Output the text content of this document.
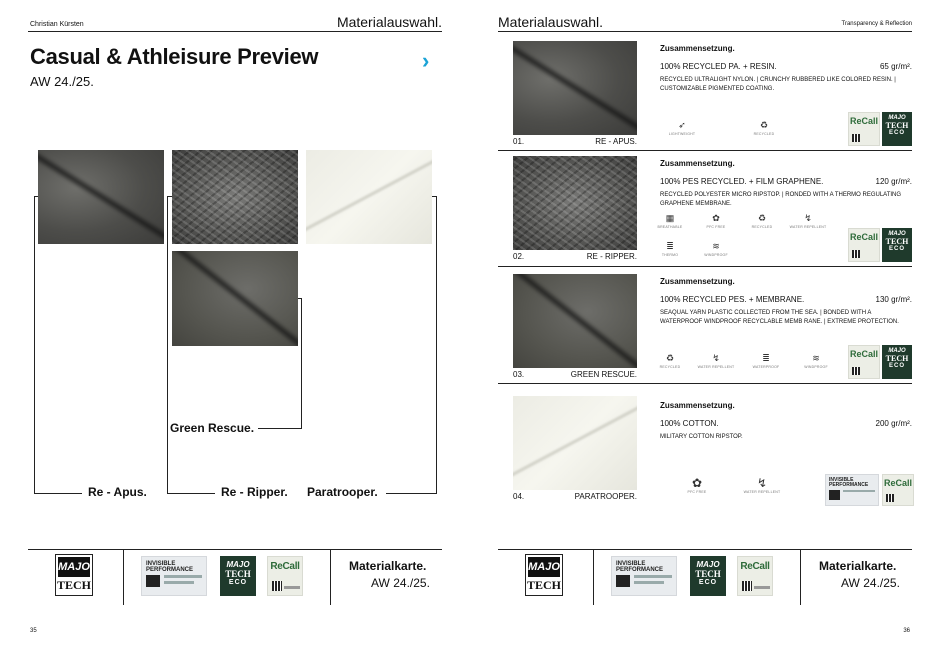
Christian Kürsten	Materialauswahl.
Casual & Athleisure Preview
AW 24./25.
›
Re - Apus.	Re - Ripper. Paratrooper.
Green Rescue.
MAJO
TECH
INVISIBLE PERFORMANCE
MAJO
TECH
ECO
ReCall	Materialkarte.
AW 24./25.
35
Materialauswahl.	Transparency & Reflection
01.	RE - APUS.
Zusammensetzung.
100% RECYCLED PA. + RESIN.	65 gr/m².
RECYCLED ULTRALIGHT NYLON. | CRUNCHY RUBBERED LIKE COLORED RESIN. | CUSTOMIZABLE PIGMENTED COATING.
➶
LIGHTWEIGHT
♻
RECYCLED
ReCall	MAJO
TECH
ECO
02.	RE - RIPPER.
Zusammensetzung.
100% PES RECYCLED. + FILM GRAPHENE.	120 gr/m².
RECYCLED POLYESTER MICRO RIPSTOP. | RONDED WITH A THERMO REGULATING GRAPHENE MEMBRANE.
▦
BREATHABLE
✿
PFC FREE
♻
RECYCLED
↯
WATER REPELLENT
≣
THERMO
≋
WINDPROOF
ReCall	MAJO
TECH
ECO
03.	GREEN RESCUE.
Zusammensetzung.
100% RECYCLED PES. + MEMBRANE.	130 gr/m².
SEAQUAL YARN PLASTIC COLLECTED FROM THE SEA. | BONDED WITH A WATERPROOF WINDPROOF RECYCLABLE MEMB RANE. | EXTREME PROTECTION.
♻
RECYCLED
↯
WATER REPELLENT
≣
WATERPROOF
≋
WINDPROOF
ReCall	MAJO
TECH
ECO
04.	PARATROOPER.
Zusammensetzung.
100% COTTON.	200 gr/m².
MILITARY COTTON RIPSTOP.
✿
PFC FREE
↯
WATER REPELLENT
INVISIBLE PERFORMANCE	ReCall
MAJO
TECH
INVISIBLE PERFORMANCE
MAJO
TECH
ECO
ReCall	Materialkarte.
AW 24./25.
36
